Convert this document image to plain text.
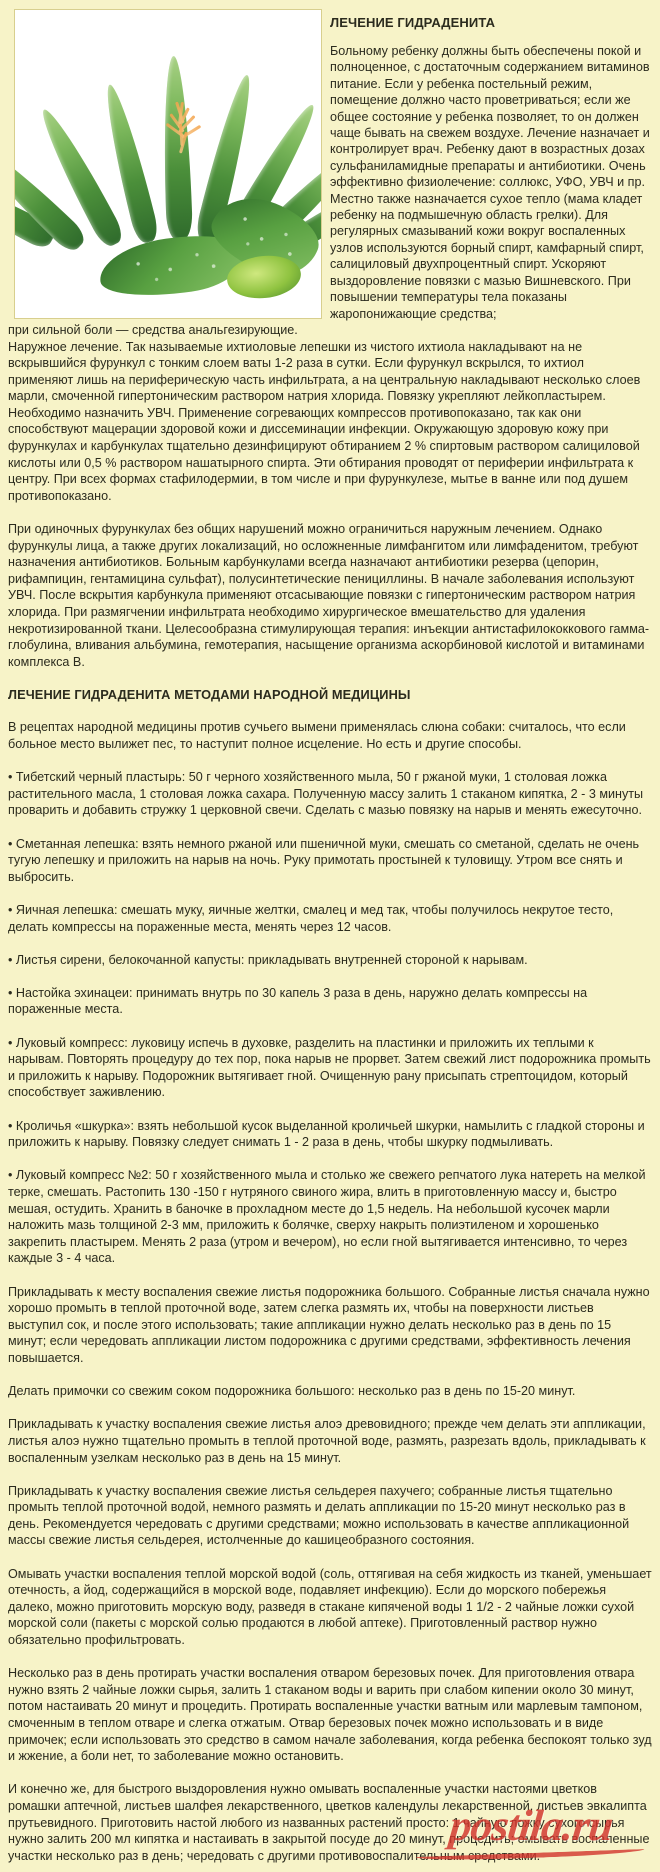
ЛЕЧЕНИЕ ГИДРАДЕНИТА

Больному ребенку должны быть обеспечены покой и полноценное, с достаточным содержанием витаминов питание. Если у ребенка постельный режим, помещение должно часто проветриваться; если же общее состояние у ребенка позволяет, то он должен чаще бывать на свежем воздухе. Лечение назначает и контролирует врач. Ребенку дают в возрастных дозах сульфаниламидные препараты и антибиотики. Очень эффективно физиолечение: соллюкс, УФО, УВЧ и пр. Местно также назначается сухое тепло (мама кладет ребенку на подмышечную область грелки). Для регулярных смазываний кожи вокруг воспаленных узлов используются борный спирт, камфарный спирт, салициловый двухпроцентный спирт. Ускоряют выздоровление повязки с мазью Вишневского. При повышении температуры тела показаны жаропонижающие средства;

при сильной боли — средства анальгезирующие.

Наружное лечение. Так называемые ихтиоловые лепешки из чистого ихтиола накладывают на не вскрывшийся фурункул с тонким слоем ваты 1-2 раза в сутки. Если фурункул вскрылся, то ихтиол применяют лишь на периферическую часть инфильтрата, а на центральную накладывают несколько слоев марли, смоченной гипертоническим раствором натрия хлорида. Повязку укрепляют лейкопластырем. Необходимо назначить УВЧ. Применение согревающих компрессов противопоказано, так как они способствуют мацерации здоровой кожи и диссеминации инфекции. Окружающую здоровую кожу при фурункулах и карбункулах тщательно дезинфицируют обтиранием 2 % спиртовым раствором салициловой кислоты или 0,5 % раствором нашатырного спирта. Эти обтирания проводят от периферии инфильтрата к центру. При всех формах стафилодермии, в том числе и при фурункулезе, мытье в ванне или под душем противопоказано.

При одиночных фурункулах без общих нарушений можно ограничиться наружным лечением. Однако фурункулы лица, а также других локализаций, но осложненные лимфангитом или лимфаденитом, требуют назначения антибиотиков. Больным карбункулами всегда назначают антибиотики резерва (цепорин, рифампицин, гентамицина сульфат), полусинтетические пенициллины. В начале заболевания используют УВЧ. После вскрытия карбункула применяют отсасывающие повязки с гипертоническим раствором натрия хлорида. При размягчении инфильтрата необходимо хирургическое вмешательство для удаления некротизированной ткани. Целесообразна стимулирующая терапия: инъекции антистафилококкового гамма-глобулина, вливания альбумина, гемотерапия, насыщение организма аскорбиновой кислотой и витаминами комплекса В.

ЛЕЧЕНИЕ ГИДРАДЕНИТА МЕТОДАМИ НАРОДНОЙ МЕДИЦИНЫ

В рецептах народной медицины против сучьего вымени применялась слюна собаки: считалось, что если больное место вылижет пес, то наступит полное исцеление. Но есть и другие способы.

• Тибетский черный пластырь: 50 г черного хозяйственного мыла, 50 г ржаной муки, 1 столовая ложка растительного масла, 1 столовая ложка сахара. Полученную массу залить 1 стаканом кипятка, 2 - 3 минуты проварить и добавить стружку 1 церковной свечи. Сделать с мазью повязку на нарыв и менять ежесуточно.

• Сметанная лепешка: взять немного ржаной или пшеничной муки, смешать со сметаной, сделать не очень тугую лепешку и приложить на нарыв на ночь. Руку примотать простыней к туловищу. Утром все снять и выбросить.

• Яичная лепешка: смешать муку, яичные желтки, смалец и мед так, чтобы получилось некрутое тесто, делать компрессы на пораженные места, менять через 12 часов.

• Листья сирени, белокочанной капусты: прикладывать внутренней стороной к нарывам.

• Настойка эхинацеи: принимать внутрь по 30 капель 3 раза в день, наружно делать компрессы на пораженные места.

• Луковый компресс: луковицу испечь в духовке, разделить на пластинки и приложить их теплыми к нарывам. Повторять процедуру до тех пор, пока нарыв не прорвет. Затем свежий лист подорожника промыть и приложить к нарыву. Подорожник вытягивает гной. Очищенную рану присыпать стрептоцидом, который способствует заживлению.

• Кроличья «шкурка»: взять небольшой кусок выделанной кроличьей шкурки, намылить с гладкой стороны и приложить к нарыву. Повязку следует снимать 1 - 2 раза в день, чтобы шкурку подмыливать.

• Луковый компресс №2: 50 г хозяйственного мыла и столько же свежего репчатого лука натереть на мелкой терке, смешать. Растопить 130 -150 г нутряного свиного жира, влить в приготовленную массу и, быстро мешая, остудить. Хранить в баночке в прохладном месте до 1,5 недель. На небольшой кусочек марли наложить мазь толщиной 2-3 мм, приложить к болячке, сверху накрыть полиэтиленом и хорошенько закрепить пластырем. Менять 2 раза (утром и вечером), но если гной вытягивается интенсивно, то через каждые 3 - 4 часа.

Прикладывать к месту воспаления свежие листья подорожника большого. Собранные листья сначала нужно хорошо промыть в теплой проточной воде, затем слегка размять их, чтобы на поверхности листьев выступил сок, и после этого использовать; такие аппликации нужно делать несколько раз в день по 15 минут; если чередовать аппликации листом подорожника с другими средствами, эффективность лечения повышается.

Делать примочки со свежим соком подорожника большого: несколько раз в день по 15-20 минут.

Прикладывать к участку воспаления свежие листья алоэ древовидного; прежде чем делать эти аппликации, листья алоэ нужно тщательно промыть в теплой проточной воде, размять, разрезать вдоль, прикладывать к воспаленным узелкам несколько раз в день на 15 минут.

Прикладывать к участку воспаления свежие листья сельдерея пахучего; собранные листья тщательно промыть теплой проточной водой, немного размять и делать аппликации по 15-20 минут несколько раз в день. Рекомендуется чередовать с другими средствами; можно использовать в качестве аппликационной массы свежие листья сельдерея, истолченные до кашицеобразного состояния.

Омывать участки воспаления теплой морской водой (соль, оттягивая на себя жидкость из тканей, уменьшает отечность, а йод, содержащийся в морской воде, подавляет инфекцию). Если до морского побережья далеко, можно приготовить морскую воду, разведя в стакане кипяченой воды 1 1/2 - 2 чайные ложки сухой морской соли (пакеты с морской солью продаются в любой аптеке). Приготовленный раствор нужно обязательно профильтровать.

Несколько раз в день протирать участки воспаления отваром березовых почек. Для приготовления отвара нужно взять 2 чайные ложки сырья, залить 1 стаканом воды и варить при слабом кипении около 30 минут, потом настаивать 20 минут и процедить. Протирать воспаленные участки ватным или марлевым тампоном, смоченным в теплом отваре и слегка отжатым. Отвар березовых почек можно использовать и в виде примочек; если использовать это средство в самом начале заболевания, когда ребенка беспокоят только зуд и жжение, а боли нет, то заболевание можно остановить.

И конечно же, для быстрого выздоровления нужно омывать воспаленные участки настоями цветков ромашки аптечной, листьев шалфея лекарственного, цветков календулы лекарственной, листьев эвкалипта прутьевидного. Приготовить настой любого из названных растений просто: 1 чайную ложку сухого сырья нужно залить 200 мл кипятка и настаивать в закрытой посуде до 20 минут, процедить; омывать воспаленные участки несколько раз в день; чередовать с другими противовоспалительным средствами.

postila.ru
